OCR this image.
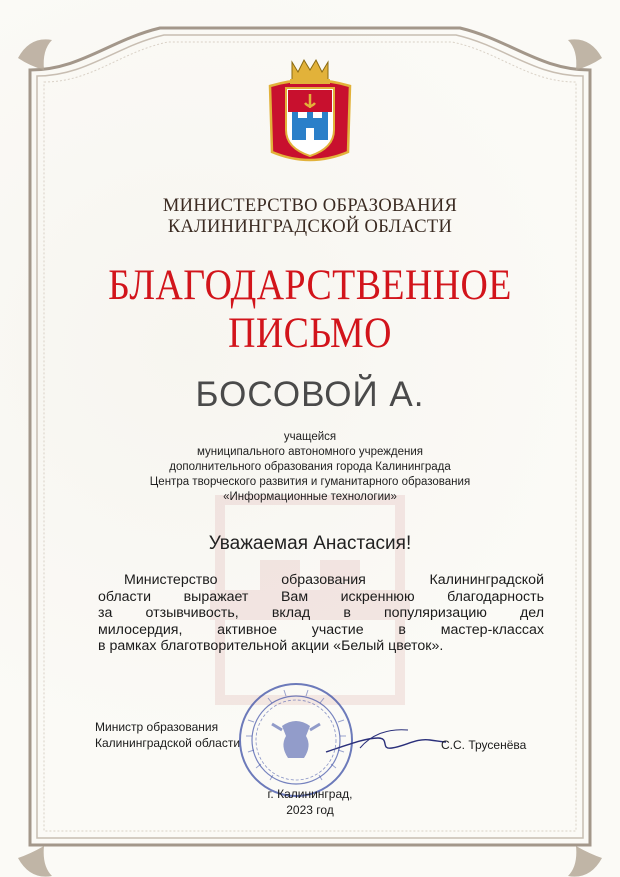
МИНИСТЕРСТВО ОБРАЗОВАНИЯ
КАЛИНИНГРАДСКОЙ ОБЛАСТИ
БЛАГОДАРСТВЕННОЕ
ПИСЬМО
БОСОВОЙ А.
учащейся
муниципального автономного учреждения
дополнительного образования города Калининграда
Центра творческого развития и гуманитарного образования
«Информационные технологии»
Уважаемая Анастасия!
Министерство образования Калининградской
области выражает Вам искреннюю благодарность
за отзывчивость, вклад в популяризацию дел
милосердия, активное участие в мастер-классах
в рамках благотворительной акции «Белый цветок».
Министр образования
Калининградской области	С.С. Трусенёва
г. Калининград,
2023 год
